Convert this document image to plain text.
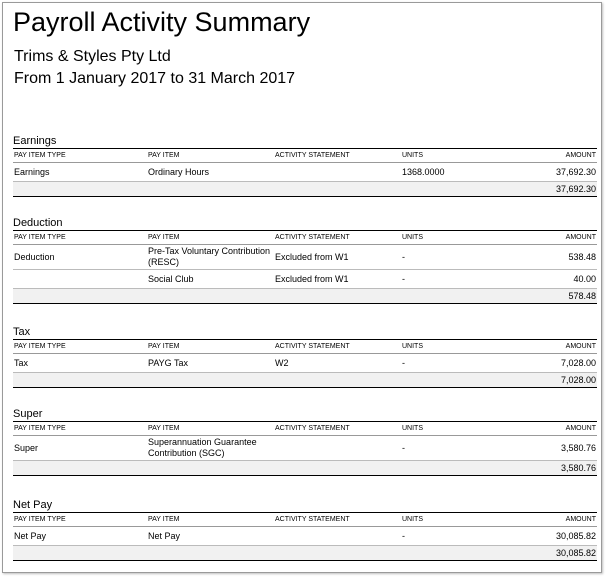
Payroll Activity Summary
Trims & Styles Pty Ltd
From 1 January 2017 to 31 March 2017
Earnings
PAY ITEM TYPE	PAY ITEM	ACTIVITY STATEMENT	UNITS	AMOUNT
Earnings	Ordinary Hours		1368.0000	37,692.30
				37,692.30
Deduction
PAY ITEM TYPE	PAY ITEM	ACTIVITY STATEMENT	UNITS	AMOUNT
Deduction	Pre-Tax Voluntary Contribution (RESC)	Excluded from W1	-	538.48
	Social Club	Excluded from W1	-	40.00
				578.48
Tax
PAY ITEM TYPE	PAY ITEM	ACTIVITY STATEMENT	UNITS	AMOUNT
Tax	PAYG Tax	W2	-	7,028.00
				7,028.00
Super
PAY ITEM TYPE	PAY ITEM	ACTIVITY STATEMENT	UNITS	AMOUNT
Super	Superannuation Guarantee Contribution (SGC)		-	3,580.76
				3,580.76
Net Pay
PAY ITEM TYPE	PAY ITEM	ACTIVITY STATEMENT	UNITS	AMOUNT
Net Pay	Net Pay		-	30,085.82
				30,085.82
